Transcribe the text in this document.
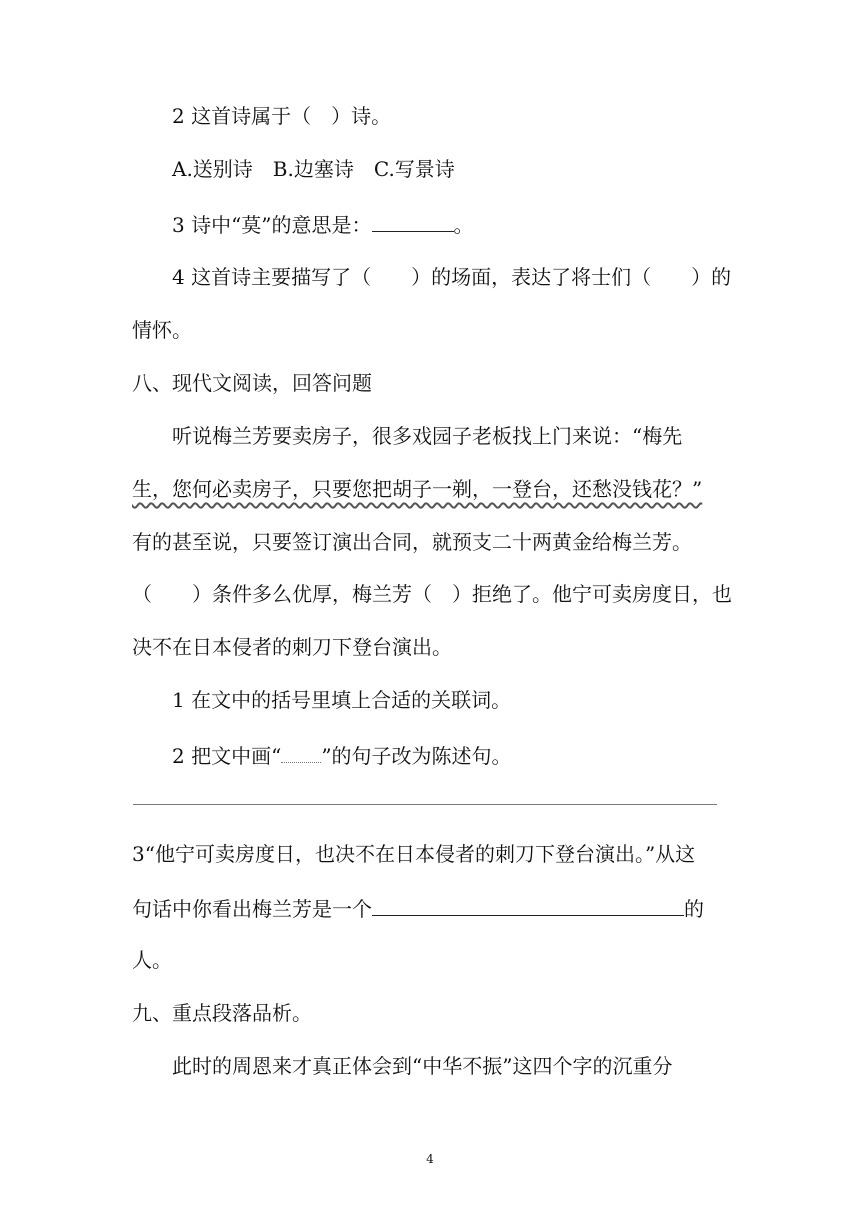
2 这首诗属于（　）诗。
A.送别诗　B.边塞诗　C.写景诗
3 诗中“莫”的意思是：	。
4 这首诗主要描写了（　　）的场面，表达了将士们（　　）的
情怀。
八、现代文阅读，回答问题
听说梅兰芳要卖房子，很多戏园子老板找上门来说：“梅先
生，您何必卖房子，只要您把胡子一剃，一登台，还愁没钱花？”
有的甚至说，只要签订演出合同，就预支二十两黄金给梅兰芳。
（　　）条件多么优厚，梅兰芳（　）拒绝了。他宁可卖房度日，也
决不在日本侵者的刺刀下登台演出。
1 在文中的括号里填上合适的关联词。
2 把文中画“ ”的句子改为陈述句。
3“他宁可卖房度日，也决不在日本侵者的刺刀下登台演出。”从这
句话中你看出梅兰芳是一个	的
人。
九、重点段落品析。
此时的周恩来才真正体会到“中华不振”这四个字的沉重分
4
